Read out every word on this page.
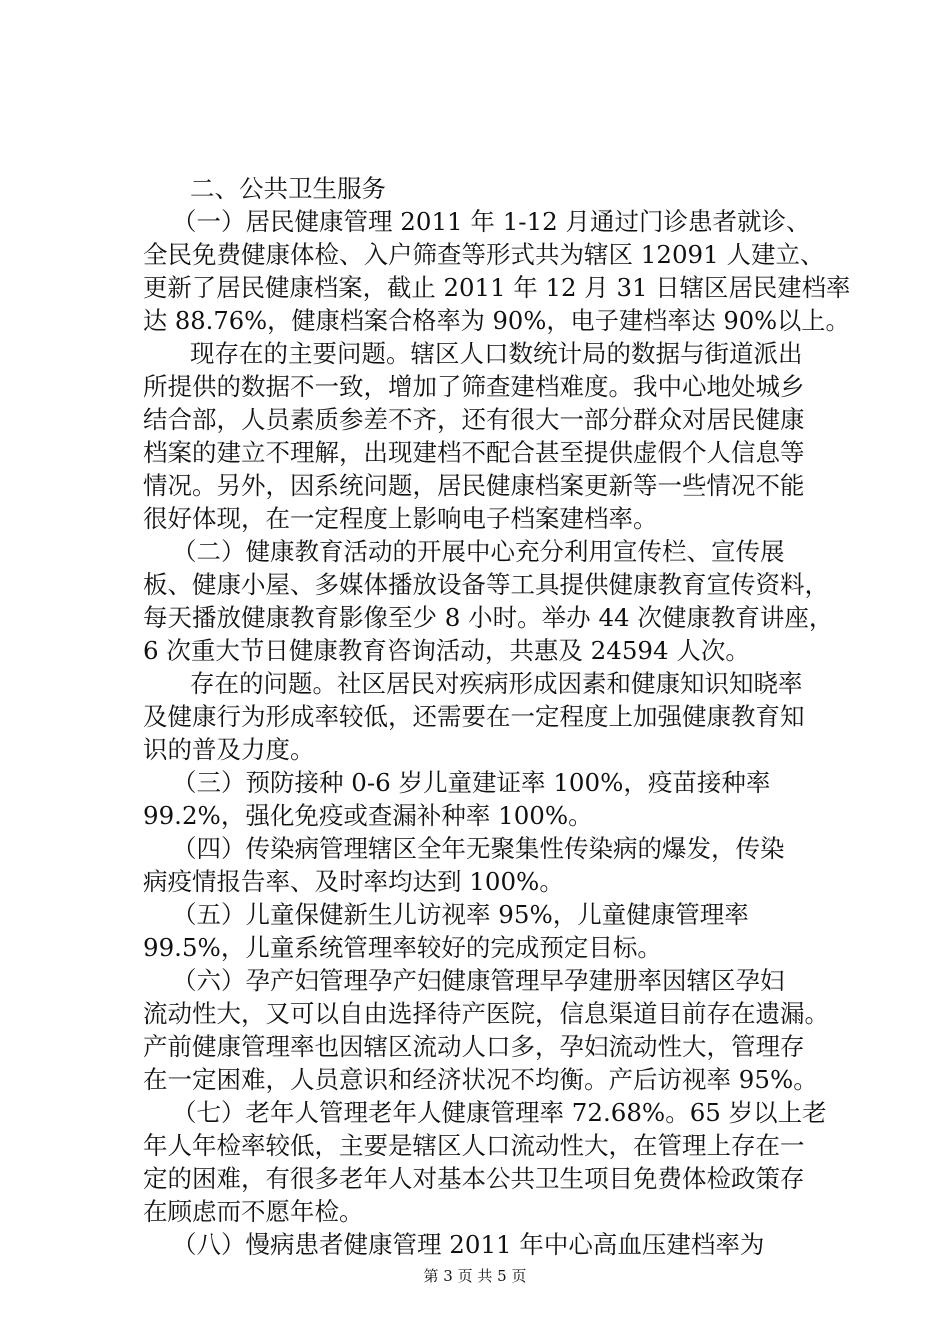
二、公共卫生服务
（一）居民健康管理 2011 年 1-12 月通过门诊患者就诊、
全民免费健康体检、入户筛查等形式共为辖区 12091 人建立、
更新了居民健康档案，截止 2011 年 12 月 31 日辖区居民建档率
达 88.76%，健康档案合格率为 90%，电子建档率达 90%以上。
现存在的主要问题。辖区人口数统计局的数据与街道派出
所提供的数据不一致，增加了筛查建档难度。我中心地处城乡
结合部，人员素质参差不齐，还有很大一部分群众对居民健康
档案的建立不理解，出现建档不配合甚至提供虚假个人信息等
情况。另外，因系统问题，居民健康档案更新等一些情况不能
很好体现，在一定程度上影响电子档案建档率。
（二）健康教育活动的开展中心充分利用宣传栏、宣传展
板、健康小屋、多媒体播放设备等工具提供健康教育宣传资料，
每天播放健康教育影像至少 8 小时。举办 44 次健康教育讲座，
6 次重大节日健康教育咨询活动，共惠及 24594 人次。
存在的问题。社区居民对疾病形成因素和健康知识知晓率
及健康行为形成率较低，还需要在一定程度上加强健康教育知
识的普及力度。
（三）预防接种 0-6 岁儿童建证率 100%，疫苗接种率
99.2%，强化免疫或查漏补种率 100%。
（四）传染病管理辖区全年无聚集性传染病的爆发，传染
病疫情报告率、及时率均达到 100%。
（五）儿童保健新生儿访视率 95%，儿童健康管理率
99.5%，儿童系统管理率较好的完成预定目标。
（六）孕产妇管理孕产妇健康管理早孕建册率因辖区孕妇
流动性大，又可以自由选择待产医院，信息渠道目前存在遗漏。
产前健康管理率也因辖区流动人口多，孕妇流动性大，管理存
在一定困难，人员意识和经济状况不均衡。产后访视率 95%。
（七）老年人管理老年人健康管理率 72.68%。65 岁以上老
年人年检率较低，主要是辖区人口流动性大，在管理上存在一
定的困难，有很多老年人对基本公共卫生项目免费体检政策存
在顾虑而不愿年检。
（八）慢病患者健康管理 2011 年中心高血压建档率为
第 3 页 共 5 页
